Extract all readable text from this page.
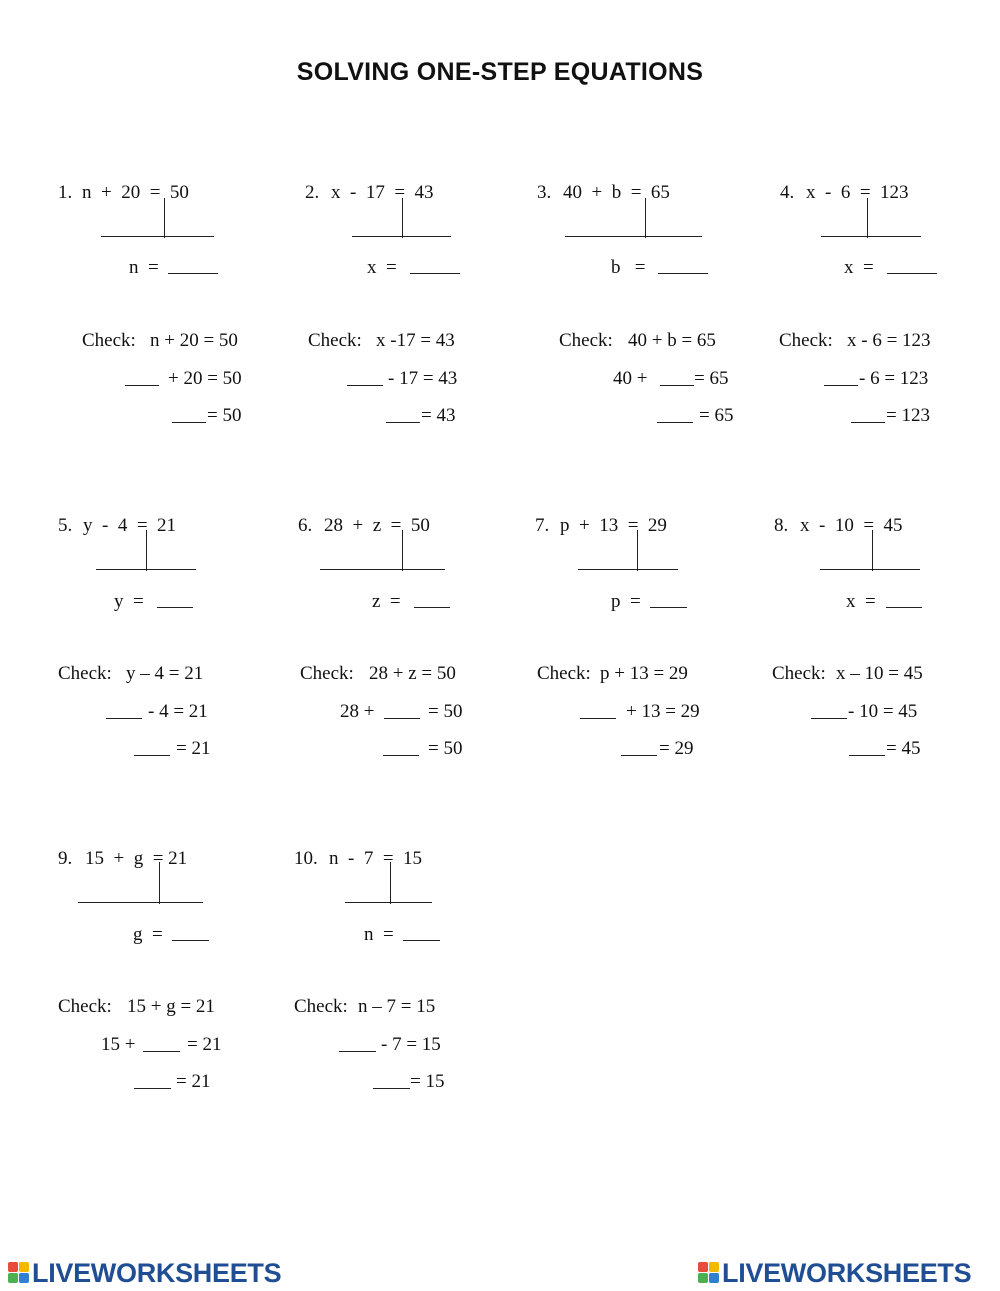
SOLVING ONE-STEP EQUATIONS
1. n  +  20  =  50
n  =
Check: n + 20 = 50
+ 20 = 50
= 50
2. x  -  17  =  43
x  =
Check: x -17 = 43
- 17 = 43
= 43
3. 40  +  b  =  65
b   =
Check: 40 + b = 65
40 + = 65
= 65
4. x  -  6  =  123
x  =
Check: x - 6 = 123
- 6 = 123
= 123
5. y  -  4  =  21
y  =
Check: y – 4 = 21
- 4 = 21
= 21
6. 28  +  z  =  50
z  =
Check: 28 + z = 50
28 +	= 50
= 50
7. p  +  13  =  29
p  =
Check: p + 13 = 29
+ 13 = 29
= 29
8. x  -  10  =  45
x  =
Check: x – 10 = 45
- 10 = 45
= 45
9. 15  +  g  = 21
g  =
Check: 15 + g = 21
15 +	= 21
= 21
10. n  -  7  =  15
n  =
Check: n – 7 = 15
- 7 = 15
= 15
LIVEWORKSHEETS	LIVEWORKSHEETS
